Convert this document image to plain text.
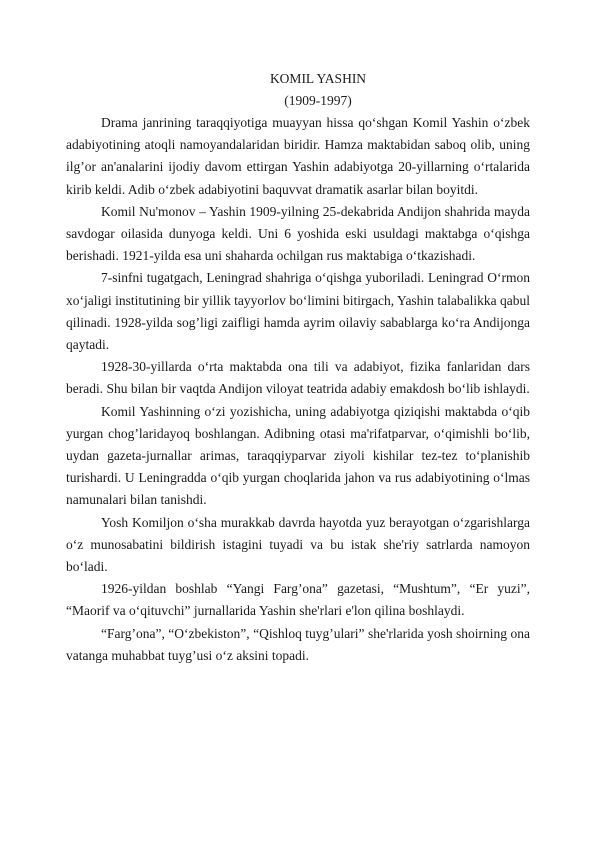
KOMIL YASHIN

(1909-1997)

Drama janrining taraqqiyotiga muayyan hissa qo‘shgan Komil Yashin o‘zbek adabiyotining atoqli namoyandalaridan biridir. Hamza maktabidan saboq olib, uning ilg’or an'analarini ijodiy davom ettirgan Yashin adabiyotga 20-yillarning o‘rtalarida kirib keldi. Adib o‘zbek adabiyotini baquvvat dramatik asarlar bilan boyitdi.

Komil Nu'monov – Yashin 1909-yilning 25-dekabrida Andijon shahrida mayda savdogar oilasida dunyoga keldi. Uni 6 yoshida eski usuldagi maktabga o‘qishga berishadi. 1921-yilda esa uni shaharda ochilgan rus maktabiga o‘tkazishadi.

7-sinfni tugatgach, Leningrad shahriga o‘qishga yuboriladi. Leningrad O‘rmon xo‘jaligi institutining bir yillik tayyorlov bo‘limini bitirgach, Yashin talabalikka qabul qilinadi. 1928-yilda sog’ligi zaifligi hamda ayrim oilaviy sabablarga ko‘ra Andijonga qaytadi.

1928-30-yillarda o‘rta maktabda ona tili va adabiyot, fizika fanlaridan dars beradi. Shu bilan bir vaqtda Andijon viloyat teatrida adabiy emakdosh bo‘lib ishlaydi.

Komil Yashinning o‘zi yozishicha, uning adabiyotga qiziqishi maktabda o‘qib yurgan chog’laridayoq boshlangan. Adibning otasi ma'rifatparvar, o‘qimishli bo‘lib, uydan gazeta-jurnallar arimas, taraqqiyparvar ziyoli kishilar tez-tez to‘planishib turishardi. U Leningradda o‘qib yurgan choqlarida jahon va rus adabiyotining o‘lmas namunalari bilan tanishdi.

Yosh Komiljon o‘sha murakkab davrda hayotda yuz berayotgan o‘zgarishlarga o‘z munosabatini bildirish istagini tuyadi va bu istak she'riy satrlarda namoyon bo‘ladi.

1926-yildan boshlab “Yangi Farg’ona” gazetasi, “Mushtum”, “Er yuzi”, “Maorif va o‘qituvchi” jurnallarida Yashin she'rlari e'lon qilina boshlaydi.

“Farg’ona”, “O‘zbekiston”, “Qishloq tuyg’ulari” she'rlarida yosh shoirning ona vatanga muhabbat tuyg’usi o‘z aksini topadi.
